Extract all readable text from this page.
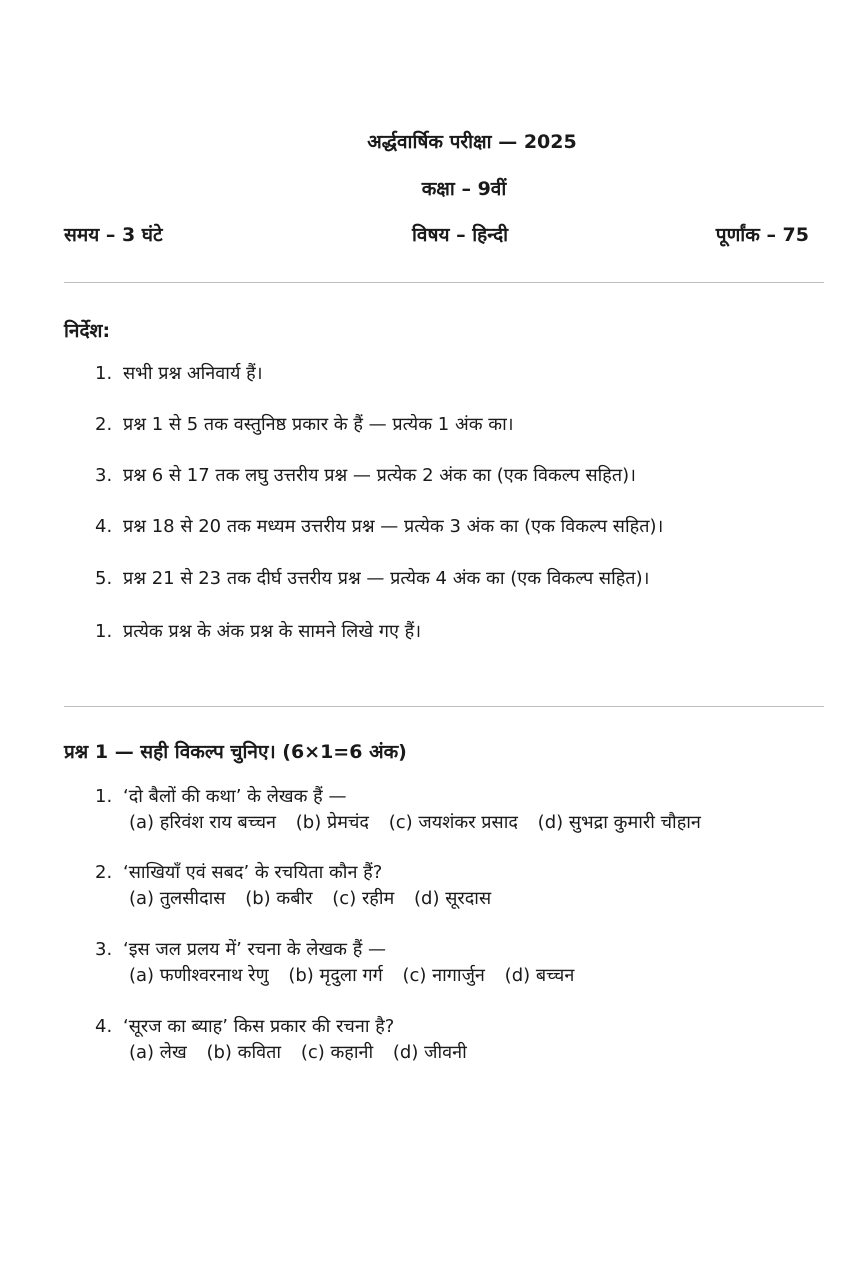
अर्द्धवार्षिक परीक्षा — 2025
कक्षा – 9वीं
समय – 3 घंटे	विषय – हिन्दी	पूर्णांक – 75
निर्देश:
1. सभी प्रश्न अनिवार्य हैं।
2. प्रश्न 1 से 5 तक वस्तुनिष्ठ प्रकार के हैं — प्रत्येक 1 अंक का।
3. प्रश्न 6 से 17 तक लघु उत्तरीय प्रश्न — प्रत्येक 2 अंक का (एक विकल्प सहित)।
4. प्रश्न 18 से 20 तक मध्यम उत्तरीय प्रश्न — प्रत्येक 3 अंक का (एक विकल्प सहित)।
5. प्रश्न 21 से 23 तक दीर्घ उत्तरीय प्रश्न — प्रत्येक 4 अंक का (एक विकल्प सहित)।
1. प्रत्येक प्रश्न के अंक प्रश्न के सामने लिखे गए हैं।
प्रश्न 1 — सही विकल्प चुनिए। (6×1=6 अंक)
1. ‘दो बैलों की कथा’ के लेखक हैं —
(a) हरिवंश राय बच्चन (b) प्रेमचंद (c) जयशंकर प्रसाद (d) सुभद्रा कुमारी चौहान
2. ‘साखियाँ एवं सबद’ के रचयिता कौन हैं?
(a) तुलसीदास (b) कबीर (c) रहीम (d) सूरदास
3. ‘इस जल प्रलय में’ रचना के लेखक हैं —
(a) फणीश्वरनाथ रेणु (b) मृदुला गर्ग (c) नागार्जुन (d) बच्चन
4. ‘सूरज का ब्याह’ किस प्रकार की रचना है?
(a) लेख (b) कविता (c) कहानी (d) जीवनी
